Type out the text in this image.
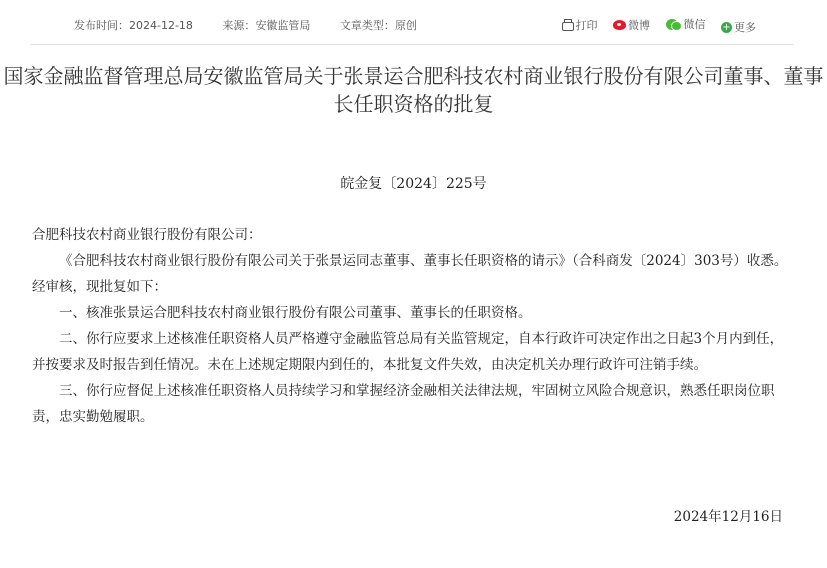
发布时间：2024-12-18	来源：安徽监管局	文章类型：原创	打印
	微博
	微信
+ 更多
国家金融监督管理总局安徽监管局关于张景运合肥科技农村商业银行股份有限公司董事、董事长任职资格的批复
皖金复〔2024〕225号

合肥科技农村商业银行股份有限公司：

《合肥科技农村商业银行股份有限公司关于张景运同志董事、董事长任职资格的请示》（合科商发〔2024〕303号）收悉。经审核，现批复如下：

一、核准张景运合肥科技农村商业银行股份有限公司董事、董事长的任职资格。

二、你行应要求上述核准任职资格人员严格遵守金融监管总局有关监管规定，自本行政许可决定作出之日起3个月内到任，并按要求及时报告到任情况。未在上述规定期限内到任的，本批复文件失效，由决定机关办理行政许可注销手续。

三、你行应督促上述核准任职资格人员持续学习和掌握经济金融相关法律法规，牢固树立风险合规意识，熟悉任职岗位职责，忠实勤勉履职。

2024年12月16日
